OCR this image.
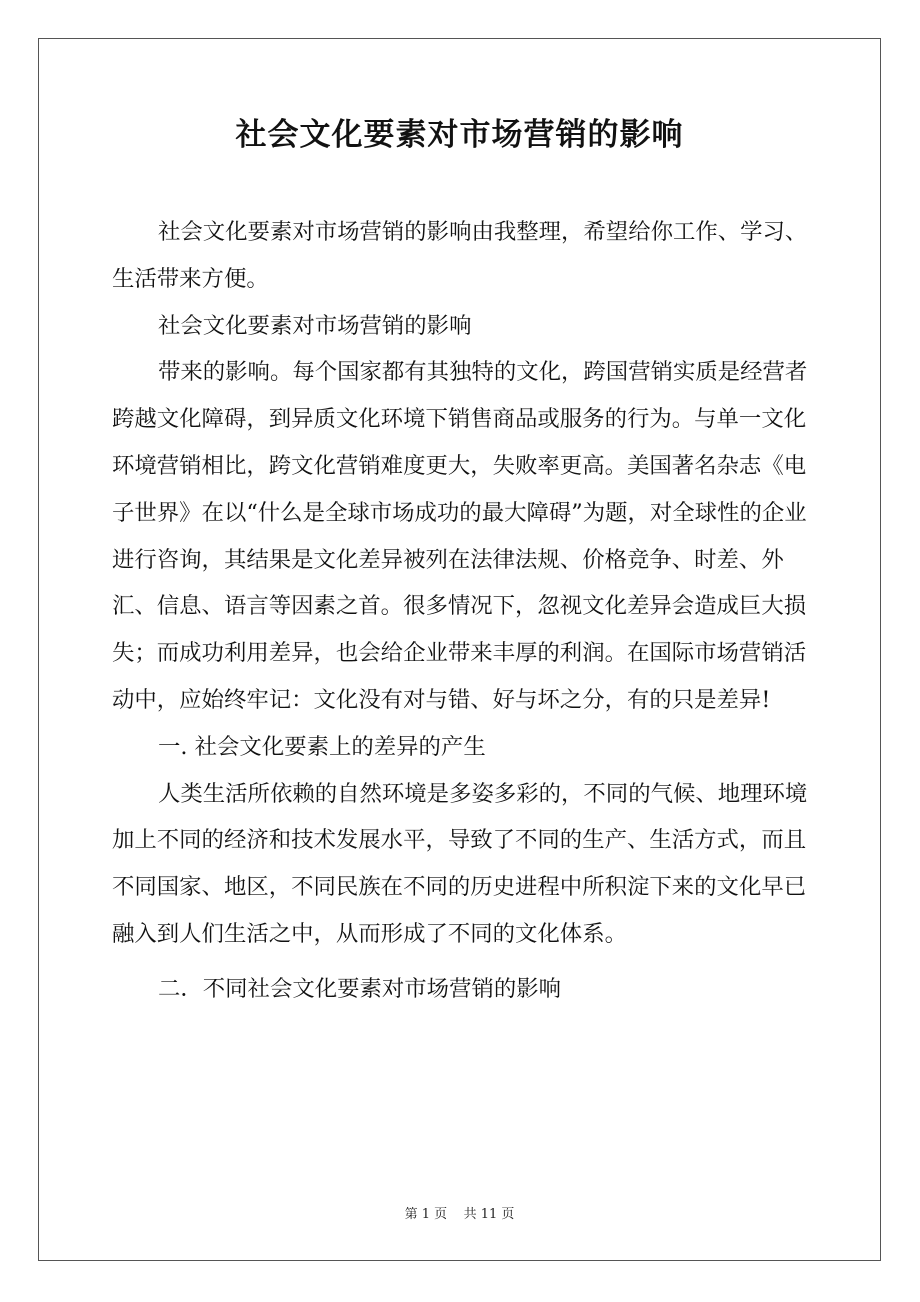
社会文化要素对市场营销的影响

社会文化要素对市场营销的影响由我整理，希望给你工作、学习、生活带来方便。

社会文化要素对市场营销的影响

带来的影响。每个国家都有其独特的文化，跨国营销实质是经营者跨越文化障碍，到异质文化环境下销售商品或服务的行为。与单一文化环境营销相比，跨文化营销难度更大，失败率更高。美国著名杂志《电子世界》在以“什么是全球市场成功的最大障碍”为题，对全球性的企业进行咨询，其结果是文化差异被列在法律法规、价格竞争、时差、外汇、信息、语言等因素之首。很多情况下，忽视文化差异会造成巨大损失；而成功利用差异，也会给企业带来丰厚的利润。在国际市场营销活动中，应始终牢记：文化没有对与错、好与坏之分，有的只是差异!

一. 社会文化要素上的差异的产生

人类生活所依赖的自然环境是多姿多彩的，不同的气候、地理环境加上不同的经济和技术发展水平，导致了不同的生产、生活方式，而且不同国家、地区，不同民族在不同的历史进程中所积淀下来的文化早已融入到人们生活之中，从而形成了不同的文化体系。

二．不同社会文化要素对市场营销的影响

第 1 页    共 11 页
